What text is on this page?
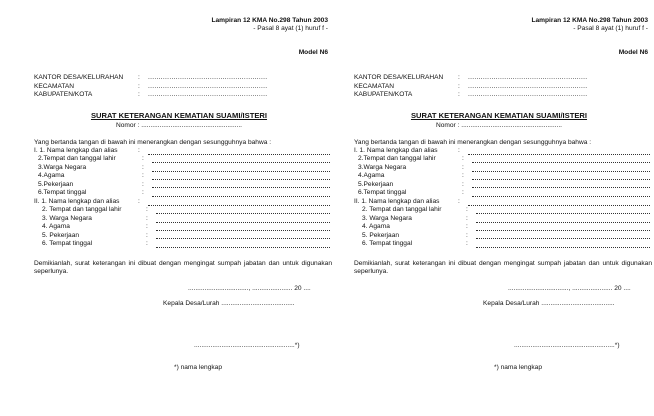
Lampiran 12 KMA No.298 Tahun 2003
- Pasal 8 ayat (1) huruf f -
Model N6
KANTOR DESA/KELURAHAN	:	........................................................
KECAMATAN	:	........................................................
KABUPATEN/KOTA	:	........................................................
SURAT KETERANGAN KEMATIAN SUAMI/ISTERI
Nomor : .......................................................
Yang bertanda tangan di bawah ini menerangkan dengan sesungguhnya bahwa :
I. 1. Nama lengkap dan alias	:
2.Tempat dan tanggal lahir	:
3.Warga Negara	:
4.Agama	:
5.Pekerjaan	:
6.Tempat tinggal	:
II. 1. Nama lengkap dan alias	:
2. Tempat dan tanggal lahir	:
3. Warga Negara	:
4. Agama	:
5. Pekerjaan	:
6. Tempat tinggal	:
Demikianlah, surat keterangan ini dibuat dengan mengingat sumpah jabatan dan untuk digunakan seperlunya.
................................., ...................... 20 ....
Kepala Desa/Lurah ........................................
.......................................................*)
*) nama lengkap
Lampiran 12 KMA No.298 Tahun 2003
- Pasal 8 ayat (1) huruf f -
Model N6
KANTOR DESA/KELURAHAN	:	........................................................
KECAMATAN	:	........................................................
KABUPATEN/KOTA	:	........................................................
SURAT KETERANGAN KEMATIAN SUAMI/ISTERI
Nomor : .......................................................
Yang bertanda tangan di bawah ini menerangkan dengan sesungguhnya bahwa :
I. 1. Nama lengkap dan alias	:
2.Tempat dan tanggal lahir	:
3.Warga Negara	:
4.Agama	:
5.Pekerjaan	:
6.Tempat tinggal	:
II. 1. Nama lengkap dan alias	:
2. Tempat dan tanggal lahir	:
3. Warga Negara	:
4. Agama	:
5. Pekerjaan	:
6. Tempat tinggal	:
Demikianlah, surat keterangan ini dibuat dengan mengingat sumpah jabatan dan untuk digunakan seperlunya.
................................., ...................... 20 ....
Kepala Desa/Lurah ........................................
.......................................................*)
*) nama lengkap
